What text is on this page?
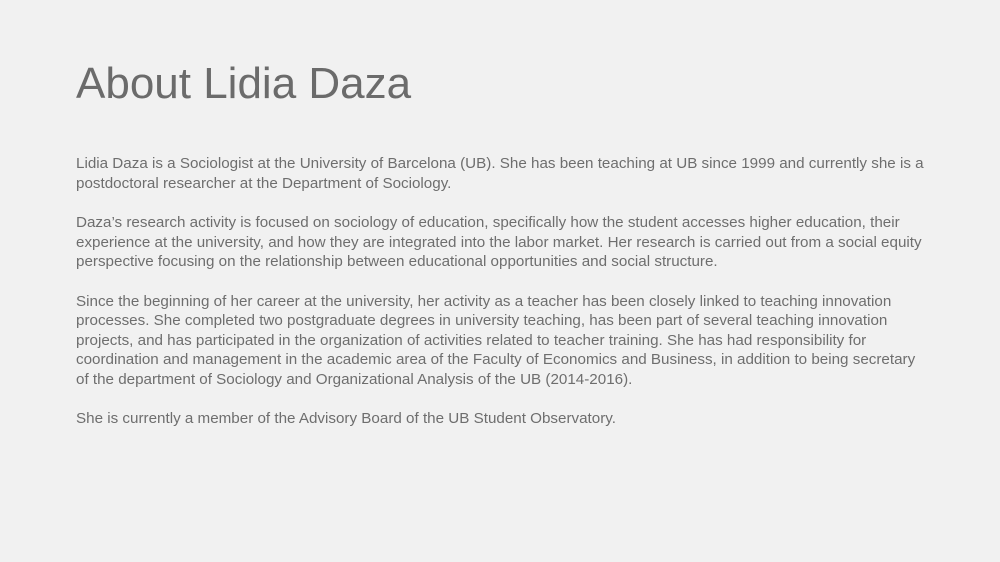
About Lidia Daza

Lidia Daza is a Sociologist at the University of Barcelona (UB). She has been teaching at UB since 1999 and currently she is a postdoctoral researcher at the Department of Sociology.

Daza’s research activity is focused on sociology of education, specifically how the student accesses higher education, their experience at the university, and how they are integrated into the labor market. Her research is carried out from a social equity perspective focusing on the relationship between educational opportunities and social structure.

Since the beginning of her career at the university, her activity as a teacher has been closely linked to teaching innovation processes. She completed two postgraduate degrees in university teaching, has been part of several teaching innovation projects, and has participated in the organization of activities related to teacher training. She has had responsibility for coordination and management in the academic area of the Faculty of Economics and Business, in addition to being secretary of the department of Sociology and Organizational Analysis of the UB (2014-2016).

She is currently a member of the Advisory Board of the UB Student Observatory.
